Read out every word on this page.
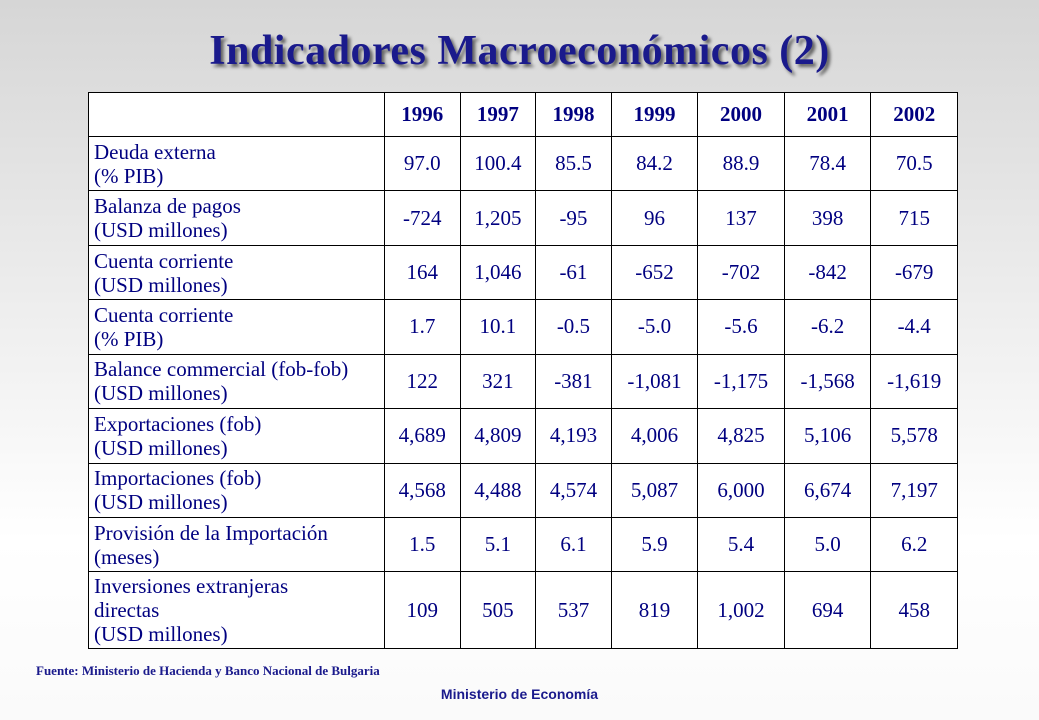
Indicadores Macroeconómicos (2)
	1996	1997	1998	1999	2000	2001	2002

Deuda externa
(% PIB)	97.0	100.4	85.5	84.2	88.9	78.4	70.5

Balanza de pagos
(USD millones)	-724	1,205	-95	96	137	398	715

Cuenta corriente
(USD millones)	164	1,046	-61	-652	-702	-842	-679

Cuenta corriente
(% PIB)	1.7	10.1	-0.5	-5.0	-5.6	-6.2	-4.4

Balance commercial (fob-fob)
(USD millones)	122	321	-381	-1,081	-1,175	-1,568	-1,619

Exportaciones (fob)
(USD millones)	4,689	4,809	4,193	4,006	4,825	5,106	5,578

Importaciones (fob)
(USD millones)	4,568	4,488	4,574	5,087	6,000	6,674	7,197

Provisión de la Importación
(meses)	1.5	5.1	6.1	5.9	5.4	5.0	6.2

Inversiones extranjeras
directas
(USD millones)	109	505	537	819	1,002	694	458
Fuente: Ministerio de Hacienda y Banco Nacional de Bulgaria
Ministerio de Economía
